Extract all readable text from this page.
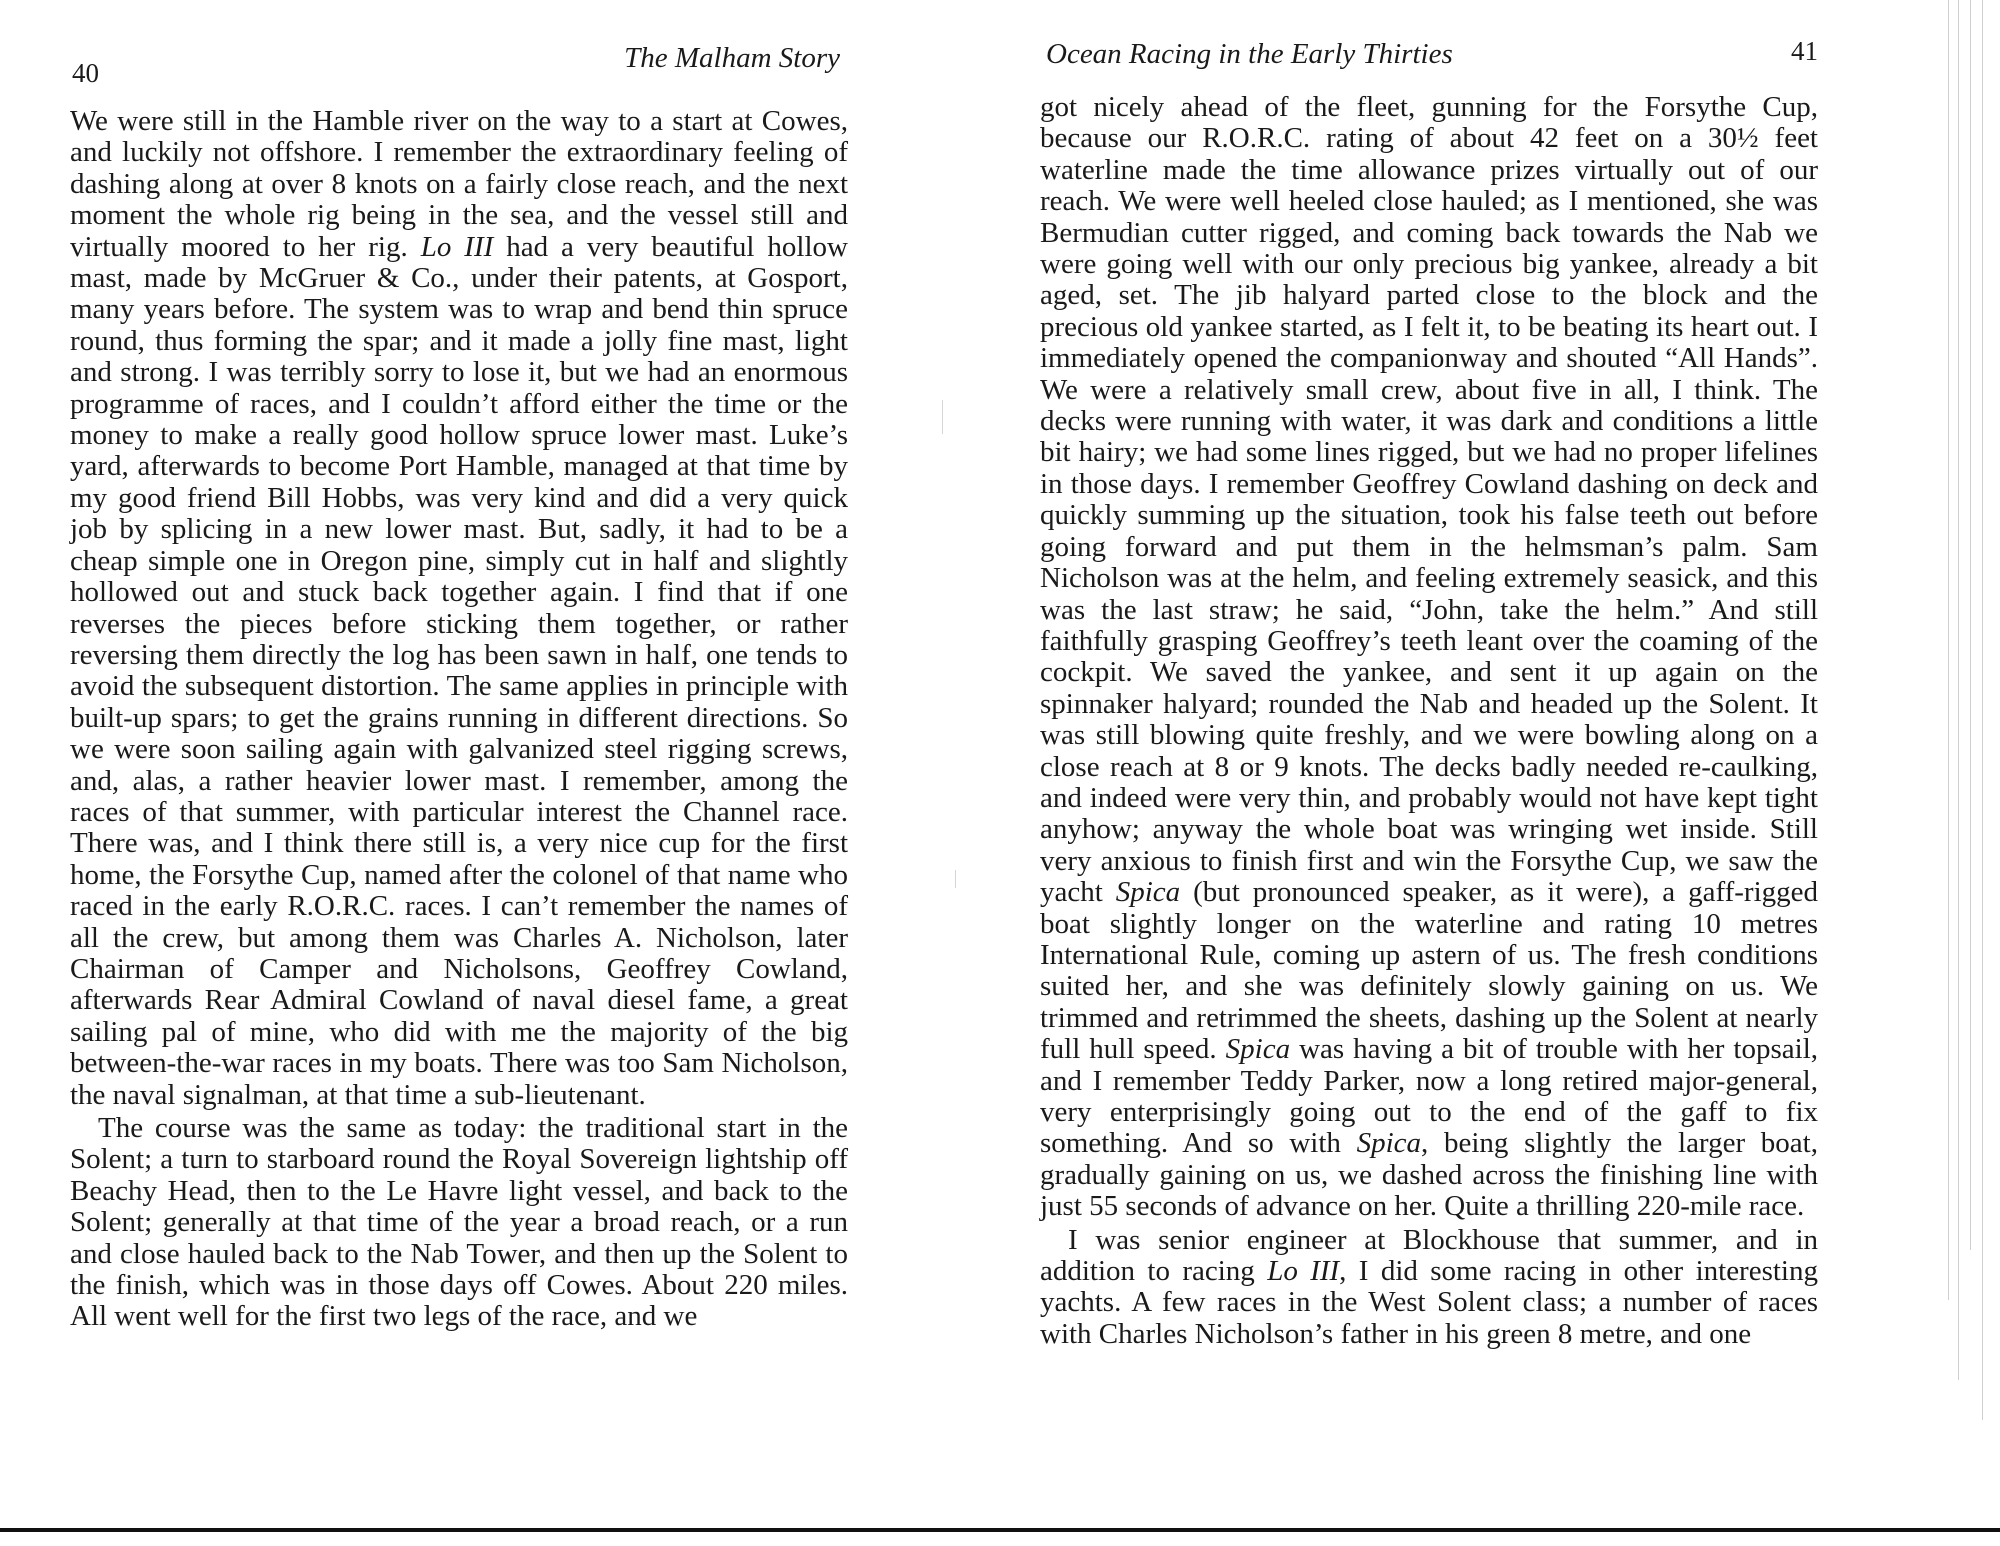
40	The Malham Story

We were still in the Hamble river on the way to a start at Cowes, and luckily not offshore. I remember the extraordinary feeling of dashing along at over 8 knots on a fairly close reach, and the next moment the whole rig being in the sea, and the vessel still and virtually moored to her rig. Lo III had a very beautiful hollow mast, made by McGruer & Co., under their patents, at Gosport, many years before. The system was to wrap and bend thin spruce round, thus forming the spar; and it made a jolly fine mast, light and strong. I was terribly sorry to lose it, but we had an enormous programme of races, and I couldn’t afford either the time or the money to make a really good hollow spruce lower mast. Luke’s yard, afterwards to become Port Hamble, managed at that time by my good friend Bill Hobbs, was very kind and did a very quick job by splicing in a new lower mast. But, sadly, it had to be a cheap simple one in Oregon pine, simply cut in half and slightly hollowed out and stuck back together again. I find that if one reverses the pieces before sticking them together, or rather reversing them directly the log has been sawn in half, one tends to avoid the subsequent distortion. The same applies in principle with built-up spars; to get the grains running in different directions. So we were soon sailing again with galvanized steel rigging screws, and, alas, a rather heavier lower mast. I remember, among the races of that summer, with particular interest the Channel race. There was, and I think there still is, a very nice cup for the first home, the Forsythe Cup, named after the colonel of that name who raced in the early R.O.R.C. races. I can’t remember the names of all the crew, but among them was Charles A. Nicholson, later Chairman of Camper and Nicholsons, Geoffrey Cowland, afterwards Rear Admiral Cowland of naval diesel fame, a great sailing pal of mine, who did with me the majority of the big between-the-war races in my boats. There was too Sam Nicholson, the naval signalman, at that time a sub-lieutenant.

The course was the same as today: the traditional start in the Solent; a turn to starboard round the Royal Sovereign lightship off Beachy Head, then to the Le Havre light vessel, and back to the Solent; generally at that time of the year a broad reach, or a run and close hauled back to the Nab Tower, and then up the Solent to the finish, which was in those days off Cowes. About 220 miles. All went well for the first two legs of the race, and we

Ocean Racing in the Early Thirties	41

got nicely ahead of the fleet, gunning for the Forsythe Cup, because our R.O.R.C. rating of about 42 feet on a 30½ feet waterline made the time allowance prizes virtually out of our reach. We were well heeled close hauled; as I mentioned, she was Bermudian cutter rigged, and coming back towards the Nab we were going well with our only precious big yankee, already a bit aged, set. The jib halyard parted close to the block and the precious old yankee started, as I felt it, to be beating its heart out. I immediately opened the companionway and shouted “All Hands”. We were a relatively small crew, about five in all, I think. The decks were running with water, it was dark and conditions a little bit hairy; we had some lines rigged, but we had no proper lifelines in those days. I remember Geoffrey Cowland dashing on deck and quickly summing up the situation, took his false teeth out before going forward and put them in the helmsman’s palm. Sam Nicholson was at the helm, and feeling extremely seasick, and this was the last straw; he said, “John, take the helm.” And still faithfully grasping Geoffrey’s teeth leant over the coaming of the cockpit. We saved the yankee, and sent it up again on the spinnaker halyard; rounded the Nab and headed up the Solent. It was still blowing quite freshly, and we were bowling along on a close reach at 8 or 9 knots. The decks badly needed re-caulking, and indeed were very thin, and probably would not have kept tight anyhow; anyway the whole boat was wringing wet inside. Still very anxious to finish first and win the Forsythe Cup, we saw the yacht Spica (but pronounced speaker, as it were), a gaff-rigged boat slightly longer on the waterline and rating 10 metres International Rule, coming up astern of us. The fresh conditions suited her, and she was definitely slowly gaining on us. We trimmed and retrimmed the sheets, dashing up the Solent at nearly full hull speed. Spica was having a bit of trouble with her topsail, and I remember Teddy Parker, now a long retired major-general, very enterprisingly going out to the end of the gaff to fix something. And so with Spica, being slightly the larger boat, gradually gaining on us, we dashed across the finishing line with just 55 seconds of advance on her. Quite a thrilling 220-mile race.

I was senior engineer at Blockhouse that summer, and in addition to racing Lo III, I did some racing in other interesting yachts. A few races in the West Solent class; a number of races with Charles Nicholson’s father in his green 8 metre, and one
